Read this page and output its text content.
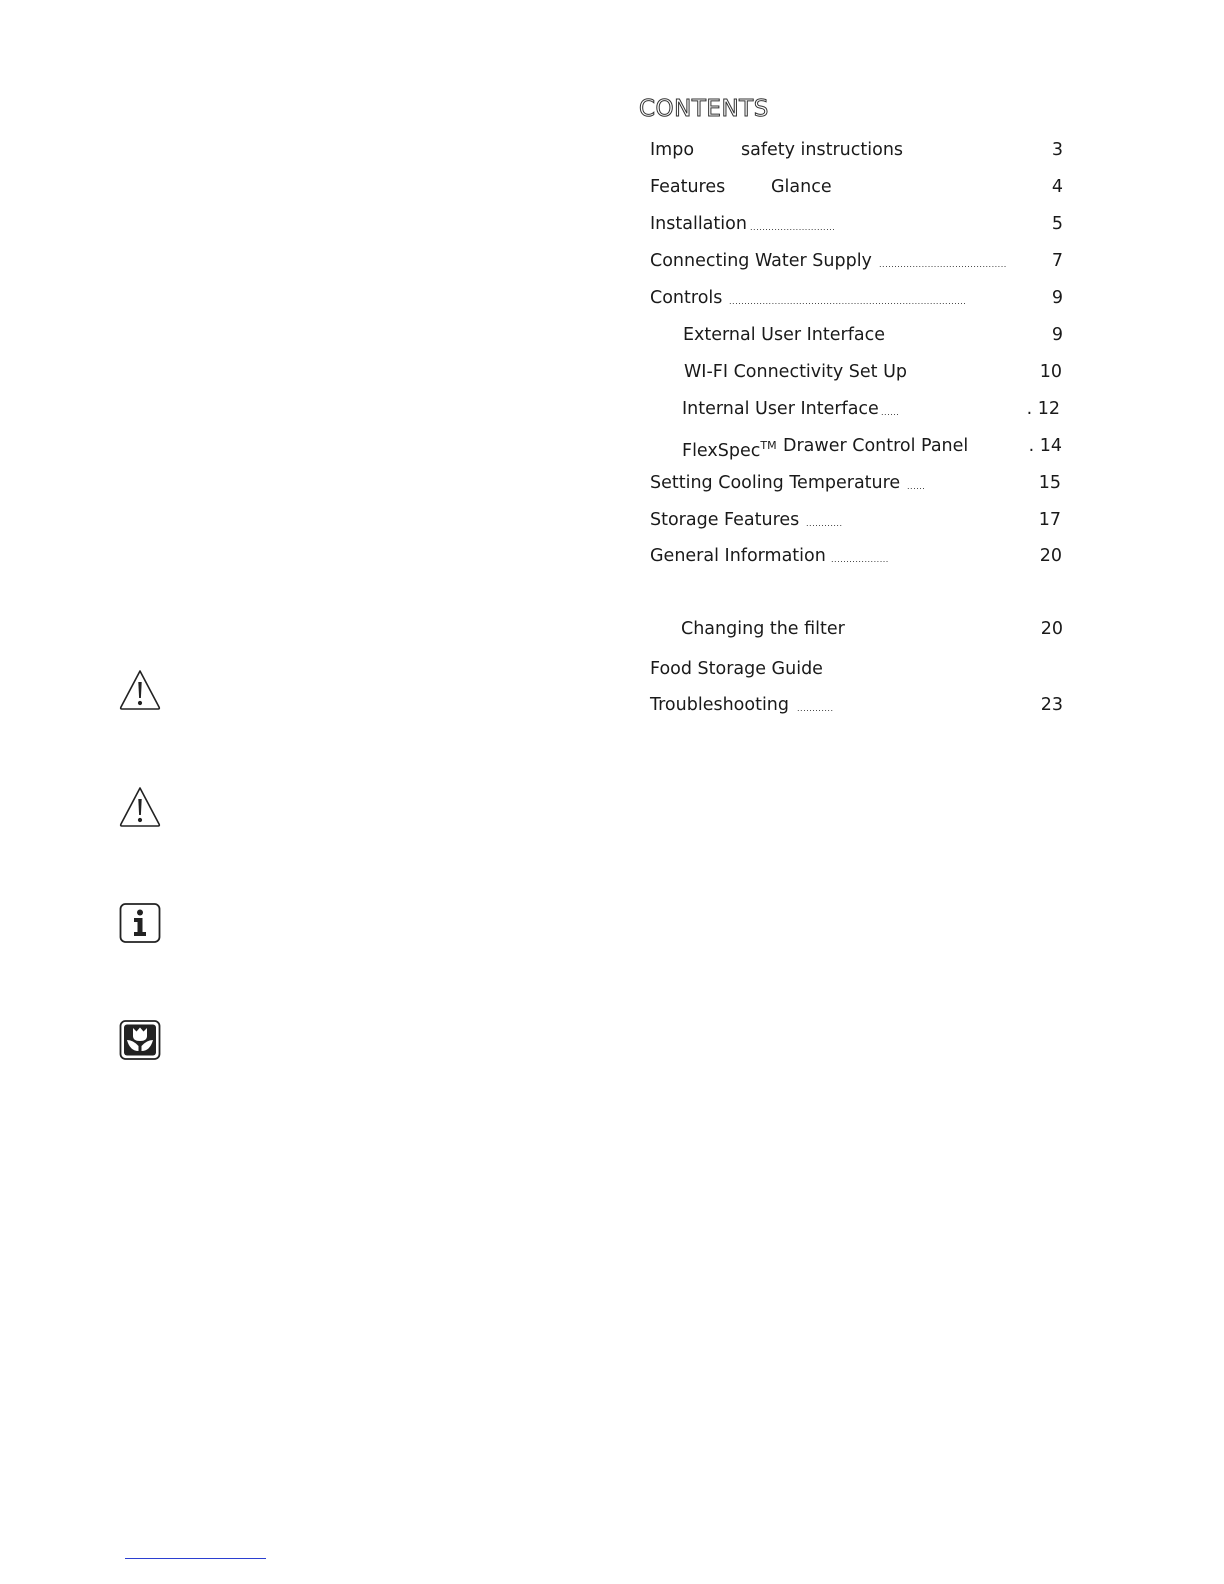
CONTENTS
Impo	safety instructions	3
Features	Glance	4
Installation ............................	5
Connecting Water Supply ..........................................	7
Controls ..............................................................................	9
External User Interface	9
WI-FI Connectivity Set Up	10
Internal User Interface ......	. 12
FlexSpec™ Drawer Control Panel	. 14
Setting Cooling Temperature ......	15
Storage Features ............	17
General Information ...................	20
Changing the filter	20
Food Storage Guide
Troubleshooting ............	23
